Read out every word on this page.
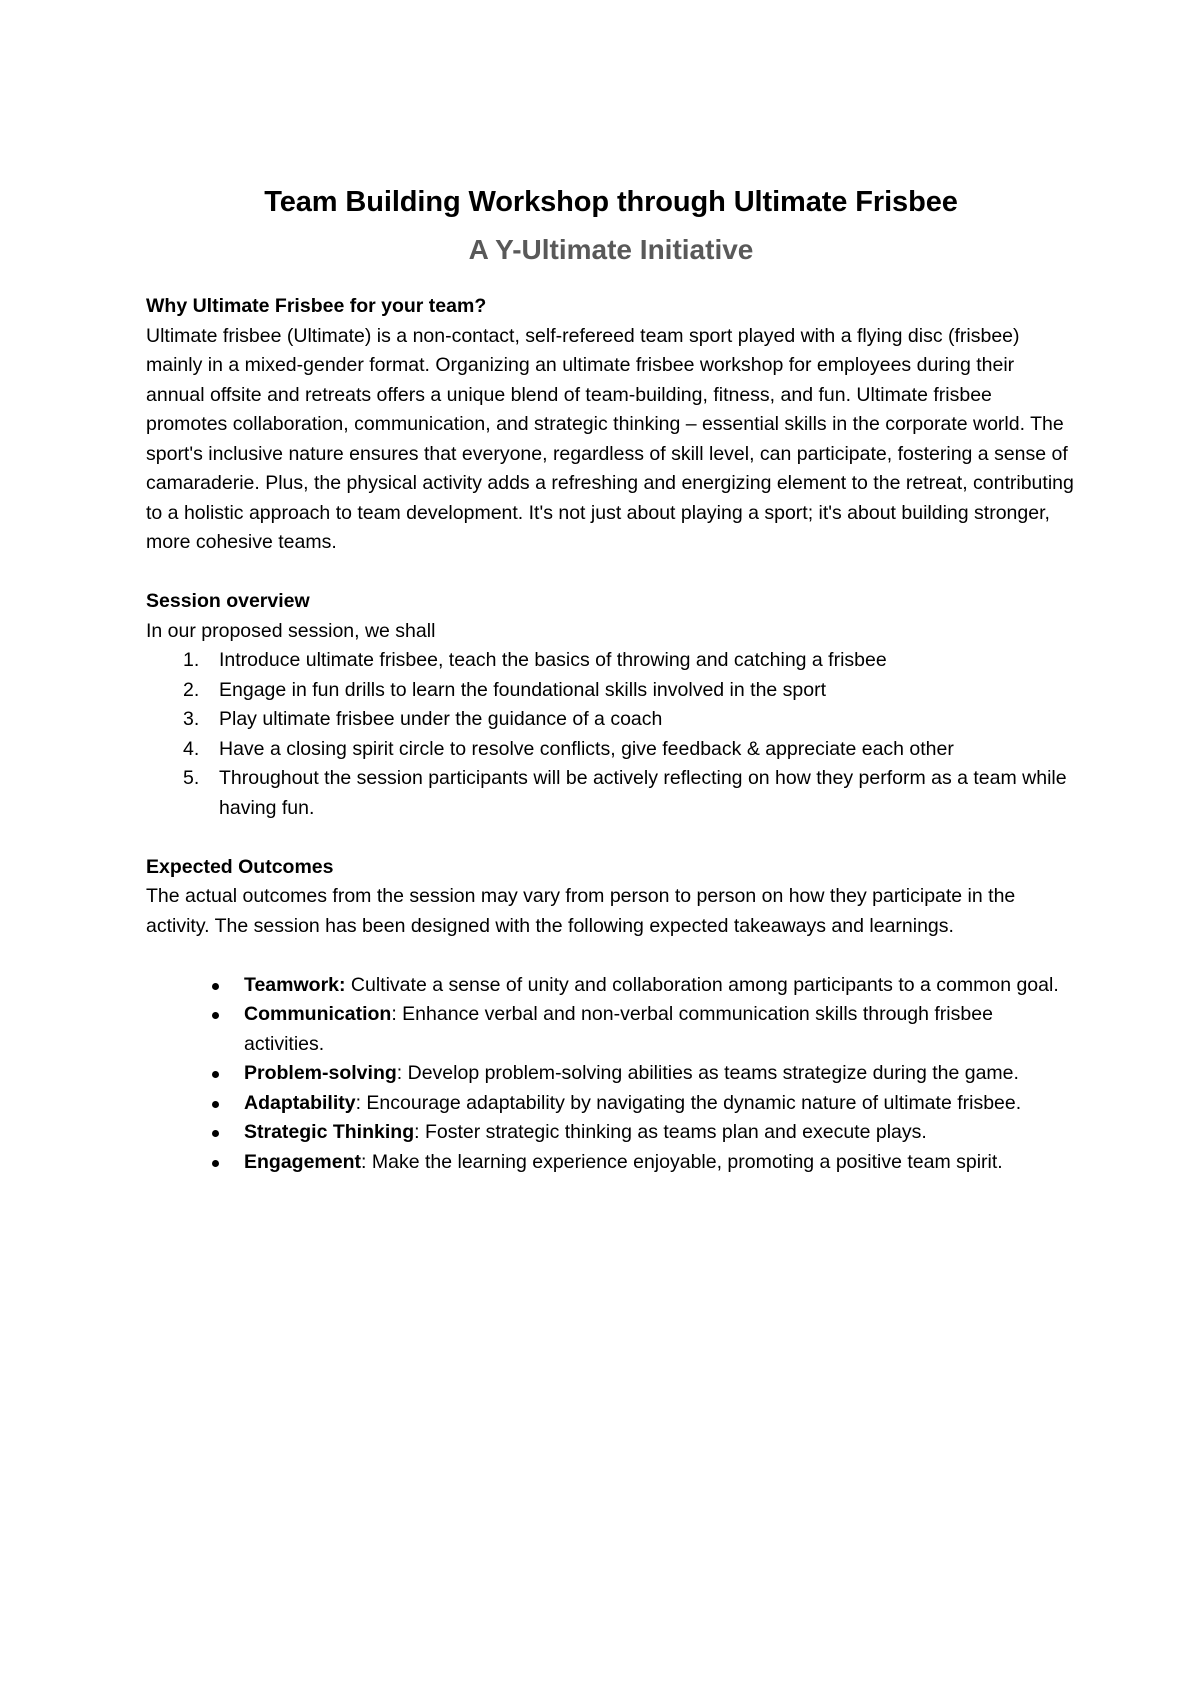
Team Building Workshop through Ultimate Frisbee
A Y-Ultimate Initiative

Why Ultimate Frisbee for your team?

Ultimate frisbee (Ultimate) is a non-contact, self-refereed team sport played with a flying disc (frisbee) mainly in a mixed-gender format. Organizing an ultimate frisbee workshop for employees during their annual offsite and retreats offers a unique blend of team-building, fitness, and fun. Ultimate frisbee promotes collaboration, communication, and strategic thinking – essential skills in the corporate world. The sport's inclusive nature ensures that everyone, regardless of skill level, can participate, fostering a sense of camaraderie. Plus, the physical activity adds a refreshing and energizing element to the retreat, contributing to a holistic approach to team development. It's not just about playing a sport; it's about building stronger, more cohesive teams.

Session overview

In our proposed session, we shall

1. Introduce ultimate frisbee, teach the basics of throwing and catching a frisbee
2. Engage in fun drills to learn the foundational skills involved in the sport
3. Play ultimate frisbee under the guidance of a coach
4. Have a closing spirit circle to resolve conflicts, give feedback & appreciate each other
5. Throughout the session participants will be actively reflecting on how they perform as a team while having fun.

Expected Outcomes

The actual outcomes from the session may vary from person to person on how they participate in the activity. The session has been designed with the following expected takeaways and learnings.

Teamwork: Cultivate a sense of unity and collaboration among participants to a common goal.
Communication: Enhance verbal and non-verbal communication skills through frisbee activities.
Problem-solving: Develop problem-solving abilities as teams strategize during the game.
Adaptability: Encourage adaptability by navigating the dynamic nature of ultimate frisbee.
Strategic Thinking: Foster strategic thinking as teams plan and execute plays.
Engagement: Make the learning experience enjoyable, promoting a positive team spirit.
